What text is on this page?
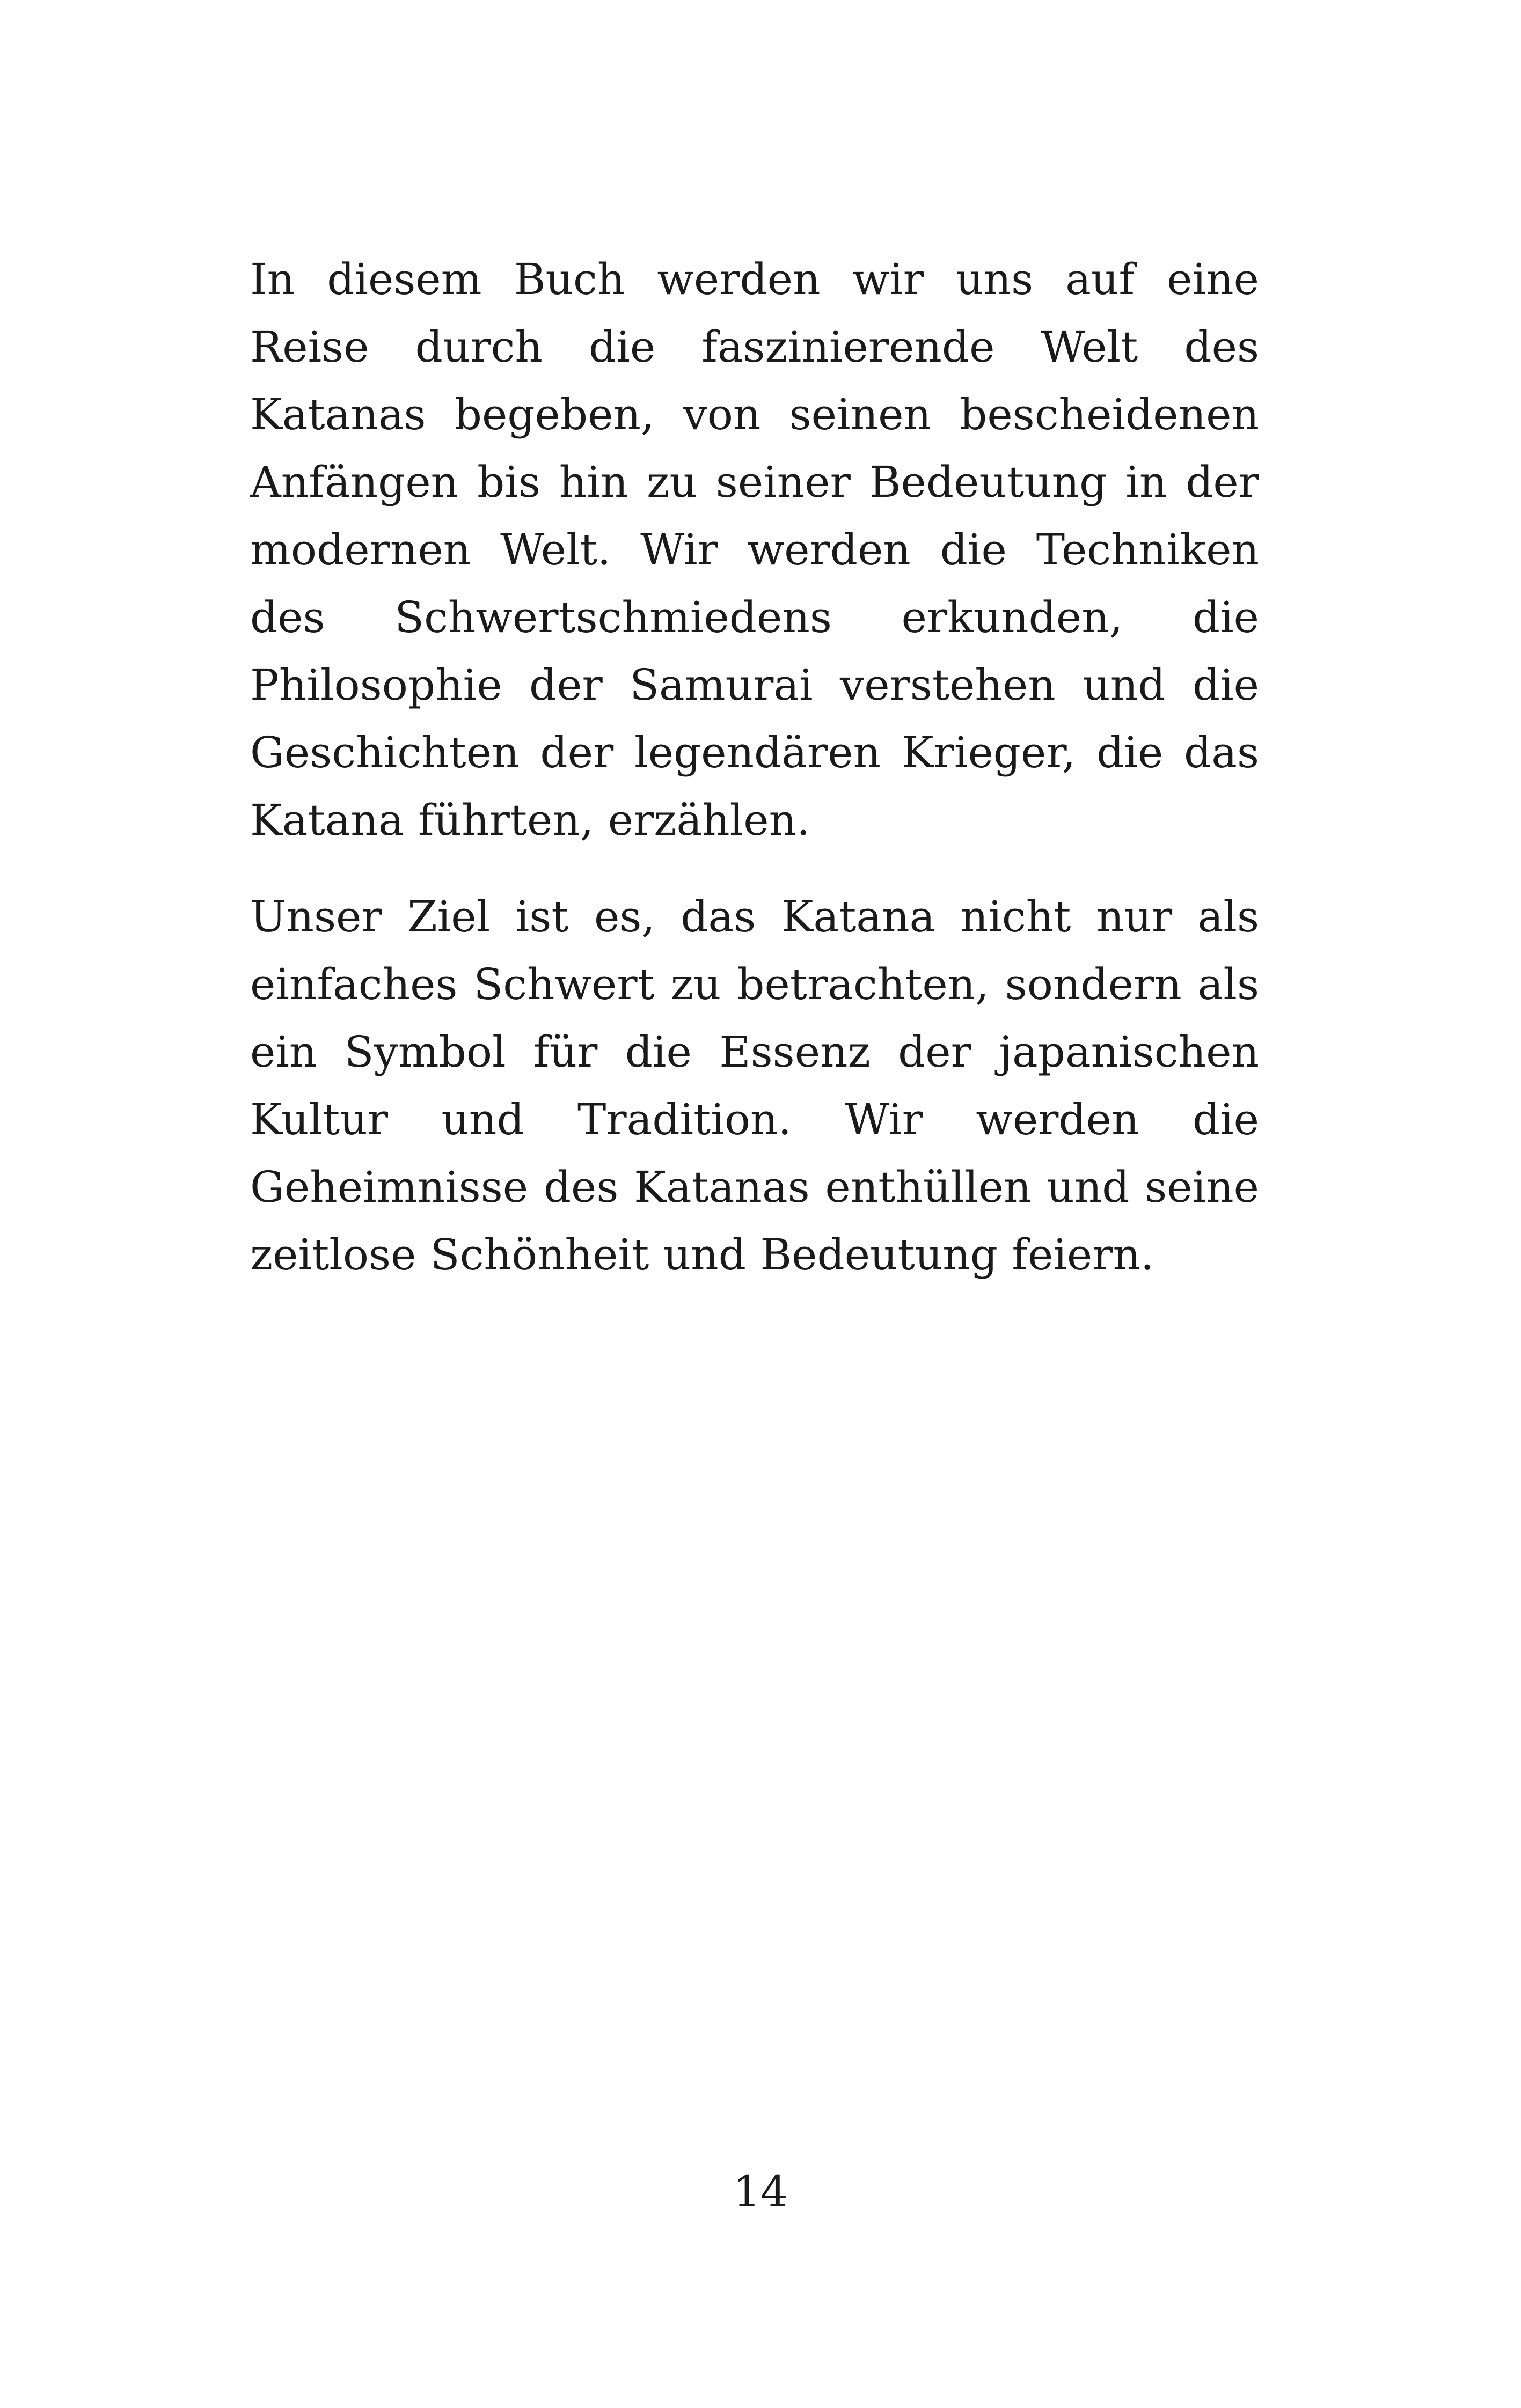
In diesem Buch werden wir uns auf eine Reise durch die faszinierende Welt des Katanas begeben, von seinen bescheidenen Anfängen bis hin zu seiner Bedeutung in der modernen Welt. Wir werden die Techniken des Schwertschmiedens erkunden, die Philosophie der Samurai verstehen und die Geschichten der legendären Krieger, die das Katana führten, erzählen.

Unser Ziel ist es, das Katana nicht nur als einfaches Schwert zu betrachten, sondern als ein Symbol für die Essenz der japanischen Kultur und Tradition. Wir werden die Geheimnisse des Katanas enthüllen und seine zeitlose Schönheit und Bedeutung feiern.

14
